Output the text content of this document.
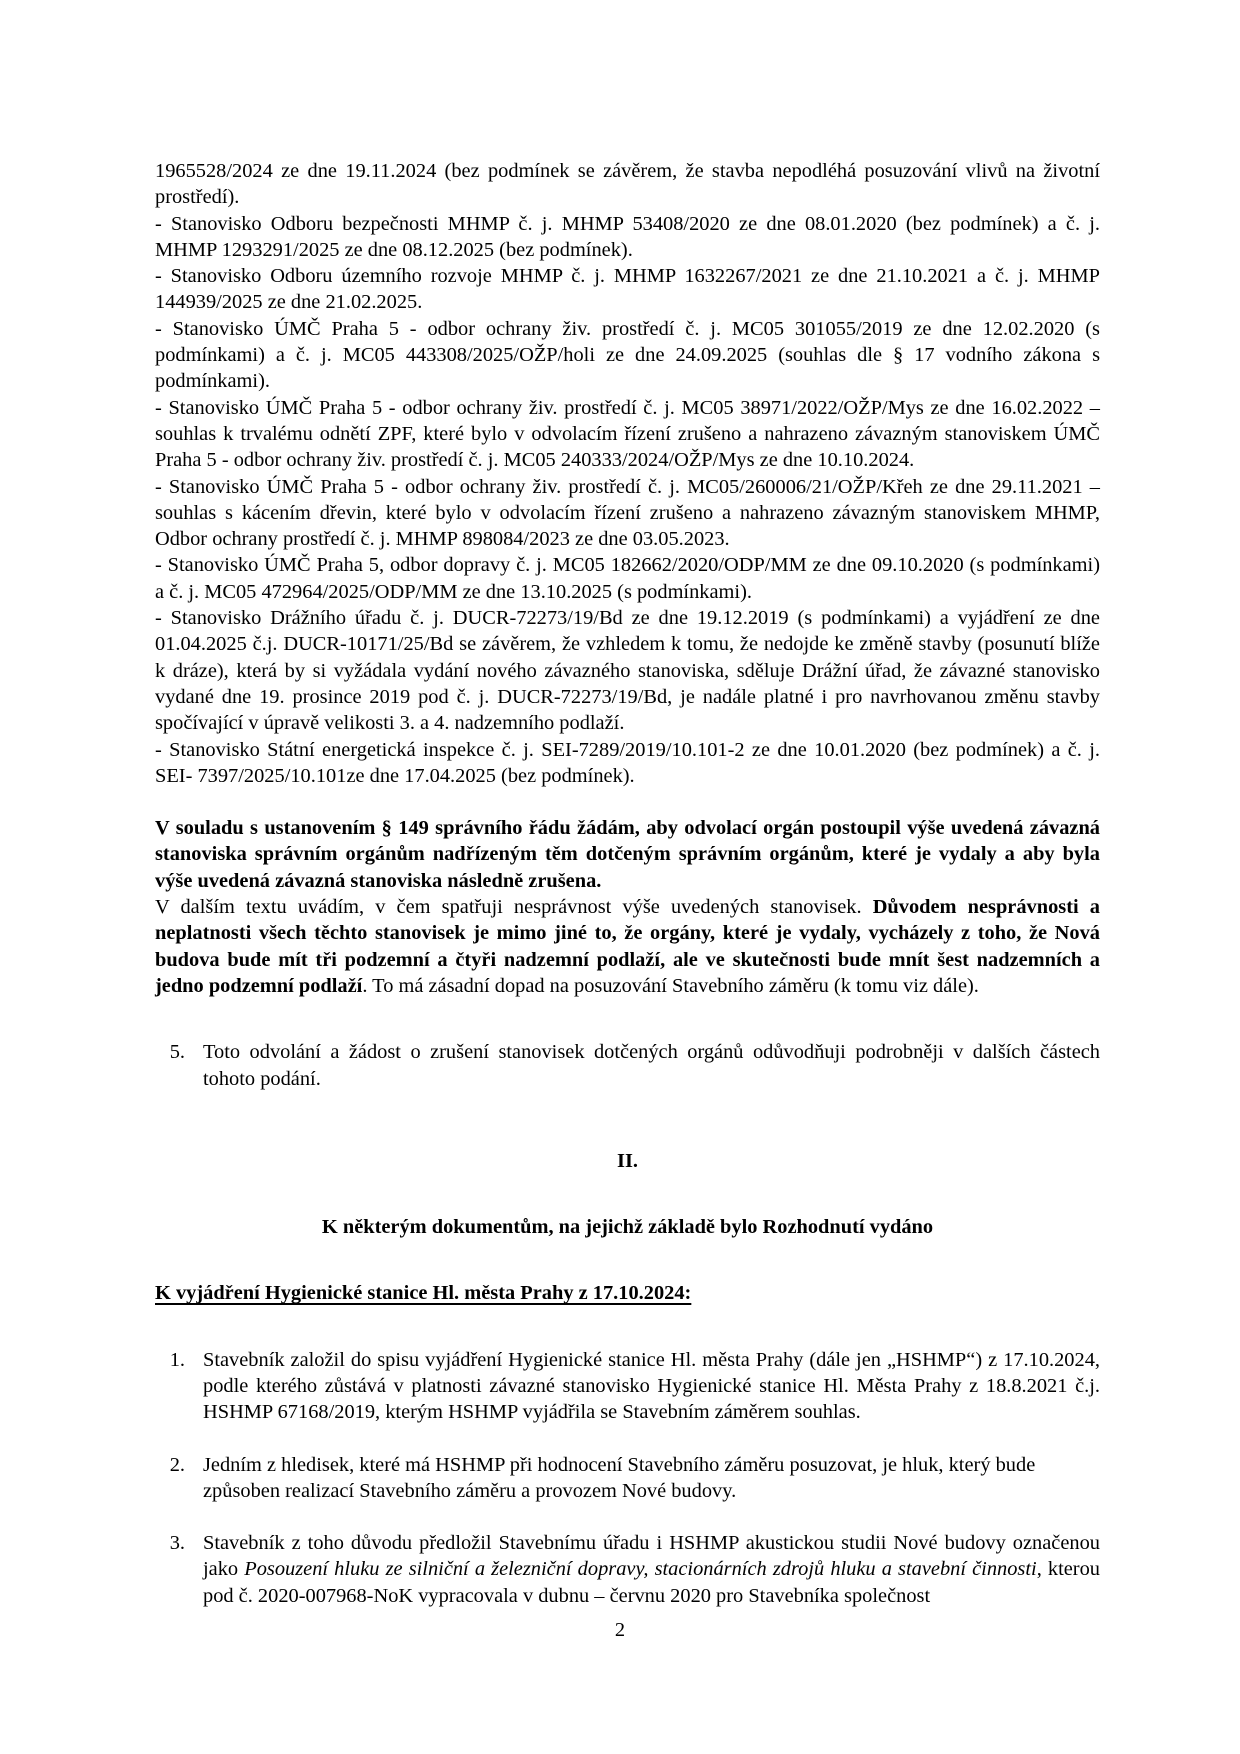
1965528/2024 ze dne 19.11.2024 (bez podmínek se závěrem, že stavba nepodléhá posuzování vlivů na životní prostředí).

- Stanovisko Odboru bezpečnosti MHMP č. j. MHMP 53408/2020 ze dne 08.01.2020 (bez podmínek) a č. j. MHMP 1293291/2025 ze dne 08.12.2025 (bez podmínek).

- Stanovisko Odboru územního rozvoje MHMP č. j. MHMP 1632267/2021 ze dne 21.10.2021 a č. j. MHMP 144939/2025 ze dne 21.02.2025.

- Stanovisko ÚMČ Praha 5 - odbor ochrany živ. prostředí č. j. MC05 301055/2019 ze dne 12.02.2020 (s podmínkami) a č. j. MC05 443308/2025/OŽP/holi ze dne 24.09.2025 (souhlas dle § 17 vodního zákona s podmínkami).

- Stanovisko ÚMČ Praha 5 - odbor ochrany živ. prostředí č. j. MC05 38971/2022/OŽP/Mys ze dne 16.02.2022 – souhlas k trvalému odnětí ZPF, které bylo v odvolacím řízení zrušeno a nahrazeno závazným stanoviskem ÚMČ Praha 5 - odbor ochrany živ. prostředí č. j. MC05 240333/2024/OŽP/Mys ze dne 10.10.2024.

- Stanovisko ÚMČ Praha 5 - odbor ochrany živ. prostředí č. j. MC05/260006/21/OŽP/Křeh ze dne 29.11.2021 – souhlas s kácením dřevin, které bylo v odvolacím řízení zrušeno a nahrazeno závazným stanoviskem MHMP, Odbor ochrany prostředí č. j. MHMP 898084/2023 ze dne 03.05.2023.

- Stanovisko ÚMČ Praha 5, odbor dopravy č. j. MC05 182662/2020/ODP/MM ze dne 09.10.2020 (s podmínkami) a č. j. MC05 472964/2025/ODP/MM ze dne 13.10.2025 (s podmínkami).

- Stanovisko Drážního úřadu č. j. DUCR-72273/19/Bd ze dne 19.12.2019 (s podmínkami) a vyjádření ze dne 01.04.2025 č.j. DUCR-10171/25/Bd se závěrem, že vzhledem k tomu, že nedojde ke změně stavby (posunutí blíže k dráze), která by si vyžádala vydání nového závazného stanoviska, sděluje Drážní úřad, že závazné stanovisko vydané dne 19. prosince 2019 pod č. j. DUCR-72273/19/Bd, je nadále platné i pro navrhovanou změnu stavby spočívající v úpravě velikosti 3. a 4. nadzemního podlaží.

- Stanovisko Státní energetická inspekce č. j. SEI-7289/2019/10.101-2 ze dne 10.01.2020 (bez podmínek) a č. j. SEI- 7397/2025/10.101ze dne 17.04.2025 (bez podmínek).

V souladu s ustanovením § 149 správního řádu žádám, aby odvolací orgán postoupil výše uvedená závazná stanoviska správním orgánům nadřízeným těm dotčeným správním orgánům, které je vydaly a aby byla výše uvedená závazná stanoviska následně zrušena.

V dalším textu uvádím, v čem spatřuji nesprávnost výše uvedených stanovisek. Důvodem nesprávnosti a neplatnosti všech těchto stanovisek je mimo jiné to, že orgány, které je vydaly, vycházely z toho, že Nová budova bude mít tři podzemní a čtyři nadzemní podlaží, ale ve skutečnosti bude mnít šest nadzemních a jedno podzemní podlaží. To má zásadní dopad na posuzování Stavebního záměru (k tomu viz dále).

5. Toto odvolání a žádost o zrušení stanovisek dotčených orgánů odůvodňuji podrobněji v dalších částech tohoto podání.

II.

K některým dokumentům, na jejichž základě bylo Rozhodnutí vydáno

K vyjádření Hygienické stanice Hl. města Prahy z 17.10.2024:
1. Stavebník založil do spisu vyjádření Hygienické stanice Hl. města Prahy (dále jen „HSHMP“) z 17.10.2024, podle kterého zůstává v platnosti závazné stanovisko Hygienické stanice Hl. Města Prahy z 18.8.2021 č.j. HSHMP 67168/2019, kterým HSHMP vyjádřila se Stavebním záměrem souhlas.
2. Jedním z hledisek, které má HSHMP při hodnocení Stavebního záměru posuzovat, je hluk, který bude způsoben realizací Stavebního záměru a provozem Nové budovy.
3. Stavebník z toho důvodu předložil Stavebnímu úřadu i HSHMP akustickou studii Nové budovy označenou jako Posouzení hluku ze silniční a železniční dopravy, stacionárních zdrojů hluku a stavební činnosti, kterou pod č. 2020-007968-NoK vypracovala v dubnu – červnu 2020 pro Stavebníka společnost
2
